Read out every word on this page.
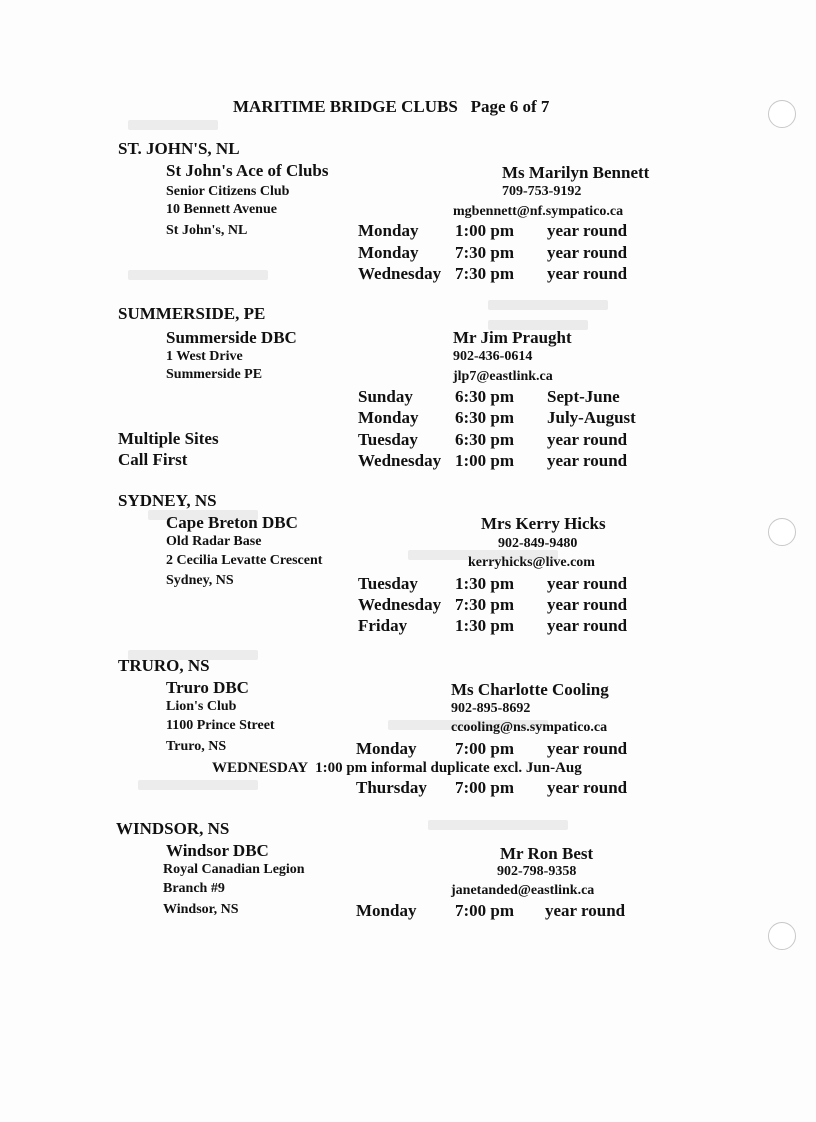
MARITIME BRIDGE CLUBS Page 6 of 7
ST. JOHN'S, NL
St John's Ace of Clubs	Ms Marilyn Bennett
Senior Citizens Club	709-753-9192
10 Bennett Avenue	mgbennett@nf.sympatico.ca
St John's, NL	Monday 1:00 pm year round
Monday 7:30 pm year round
Wednesday 7:30 pm year round
SUMMERSIDE, PE
Summerside DBC	Mr Jim Praught
1 West Drive	902-436-0614
Summerside PE	jlp7@eastlink.ca
Sunday 6:30 pm Sept-June
Monday 6:30 pm July-August
Multiple Sites	Tuesday 6:30 pm year round
Call First	Wednesday 1:00 pm year round
SYDNEY, NS
Cape Breton DBC	Mrs Kerry Hicks
Old Radar Base	902-849-9480
2 Cecilia Levatte Crescent	kerryhicks@live.com
Sydney, NS	Tuesday 1:30 pm year round
Wednesday 7:30 pm year round
Friday	1:30 pm year round
TRURO, NS
Truro DBC	Ms Charlotte Cooling
Lion's Club	902-895-8692
1100 Prince Street	ccooling@ns.sympatico.ca
Truro, NS	Monday 7:00 pm year round
WEDNESDAY  1:00 pm informal duplicate excl. Jun-Aug
Thursday 7:00 pm year round
WINDSOR, NS
Windsor DBC	Mr Ron Best
Royal Canadian Legion	902-798-9358
Branch #9	janetanded@eastlink.ca
Windsor, NS	Monday 7:00 pm year round
